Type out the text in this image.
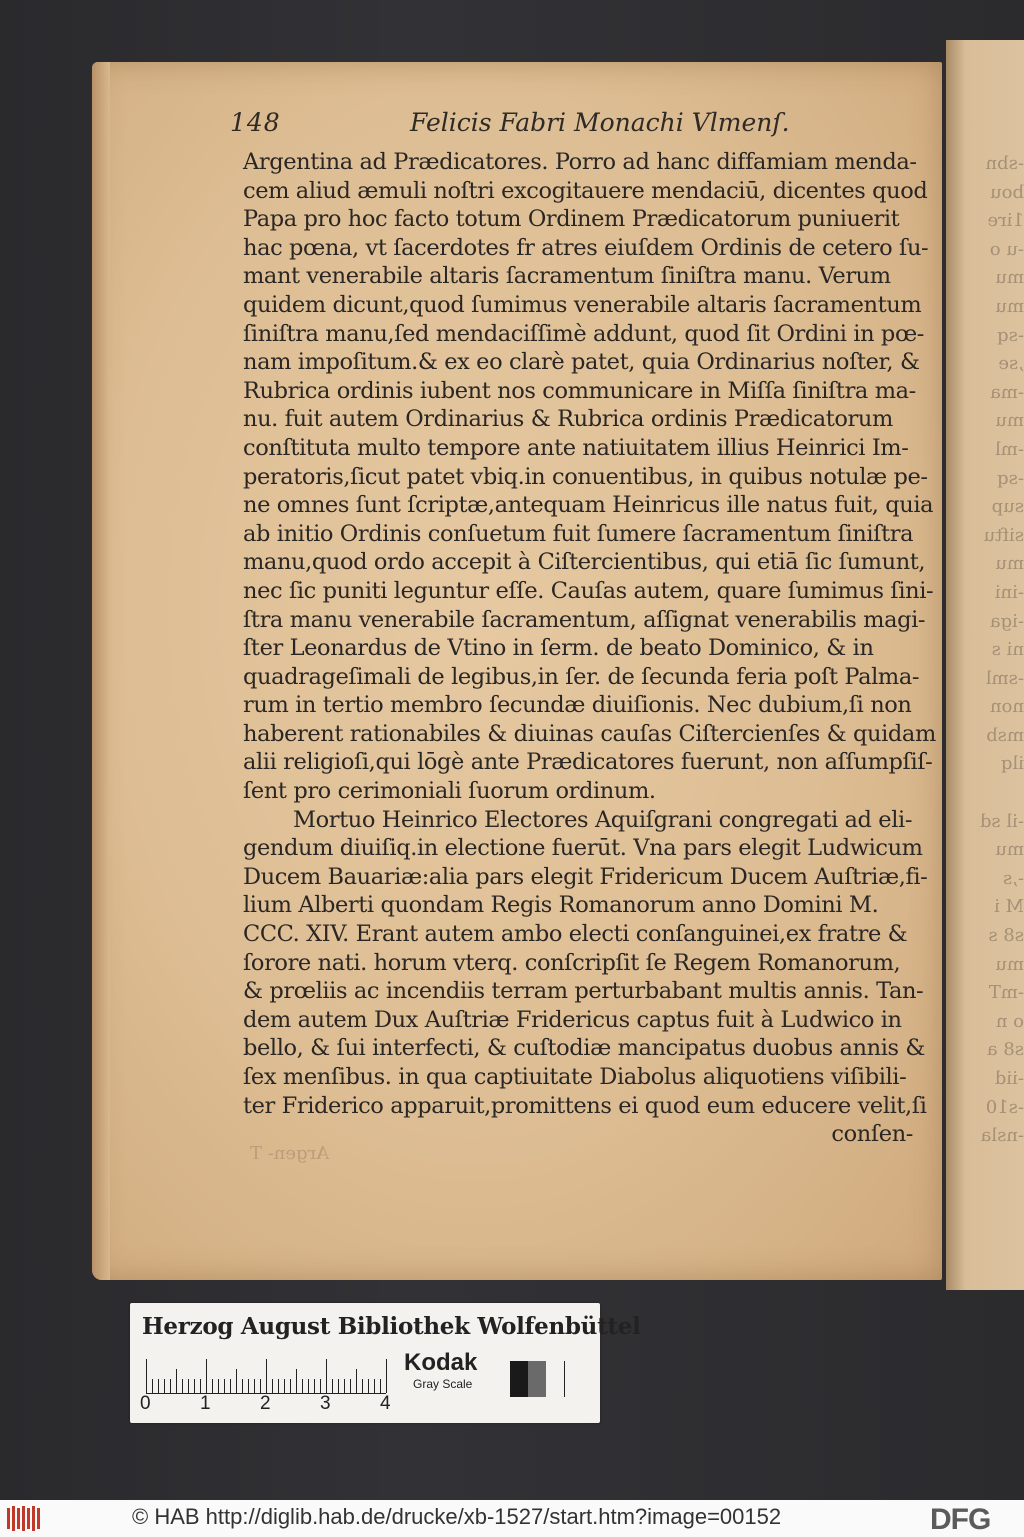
-sbn
bou
1ire
-u o
mu
mu
-sq
,se
-ma
mu
-ml
-sq
sup
siftu
mu
-ini
-iga
ni s
-sml
non
msb
ilq
-il sd
mu
-,s
M i
s8 s
mu
-mT
o n
s8 a
-iid
-s10
-nsla
148	Felicis Fabri Monachi Vlmenſ.
Argentina ad Prædicatores. Porro ad hanc diffamiam menda-
cem aliud æmuli noſtri excogitauere mendaciū, dicentes quod
Papa pro hoc facto totum Ordinem Prædicatorum puniuerit
hac pœna, vt ſacerdotes fr atres eiuſdem Ordinis de cetero ſu-
mant venerabile altaris ſacramentum ſiniſtra manu. Verum
quidem dicunt,quod ſumimus venerabile altaris ſacramentum
ſiniſtra manu,ſed mendaciſſimè addunt, quod ſit Ordini in pœ-
nam impoſitum.& ex eo clarè patet, quia Ordinarius noſter, &
Rubrica ordinis iubent nos communicare in Miſſa ſiniſtra ma-
nu. fuit autem Ordinarius & Rubrica ordinis Prædicatorum
conſtituta multo tempore ante natiuitatem illius Heinrici Im-
peratoris,ſicut patet vbiq.in conuentibus, in quibus notulæ pe-
ne omnes ſunt ſcriptæ,antequam Heinricus ille natus fuit, quia
ab initio Ordinis conſuetum fuit ſumere ſacramentum ſiniſtra
manu,quod ordo accepit à Ciſtercientibus, qui etiā ſic ſumunt,
nec ſic puniti leguntur eſſe. Cauſas autem, quare ſumimus ſini-
ſtra manu venerabile ſacramentum, aſſignat venerabilis magi-
ſter Leonardus de Vtino in ſerm. de beato Dominico, & in
quadrageſimali de legibus,in ſer. de ſecunda feria poſt Palma-
rum in tertio membro ſecundæ diuiſionis. Nec dubium,ſi non
haberent rationabiles & diuinas cauſas Ciſtercienſes & quidam
alii religioſi,qui lōgè ante Prædicatores fuerunt, non aſſumpſiſ-
ſent pro cerimoniali ſuorum ordinum.
Mortuo Heinrico Electores Aquiſgrani congregati ad eli-
gendum diuiſiq.in electione fuerūt. Vna pars elegit Ludwicum
Ducem Bauariæ:alia pars elegit Fridericum Ducem Auſtriæ,fi-
lium Alberti quondam Regis Romanorum anno Domini M.
CCC. XIV. Erant autem ambo electi conſanguinei,ex fratre &
ſorore nati. horum vterq. conſcripſit ſe Regem Romanorum,
& prœliis ac incendiis terram perturbabant multis annis. Tan-
dem autem Dux Auſtriæ Fridericus captus fuit à Ludwico in
bello, & ſui interfecti, & cuſtodiæ mancipatus duobus annis &
ſex menſibus. in qua captiuitate Diabolus aliquotiens viſibili-
ter Friderico apparuit,promittens ei quod eum educere velit,ſi
conſen-
Argen- T
Herzog August Bibliothek Wolfenbüttel
0	1	2	3	4
Kodak
Gray Scale
© HAB http://diglib.hab.de/drucke/xb-1527/start.htm?image=00152	DFG
